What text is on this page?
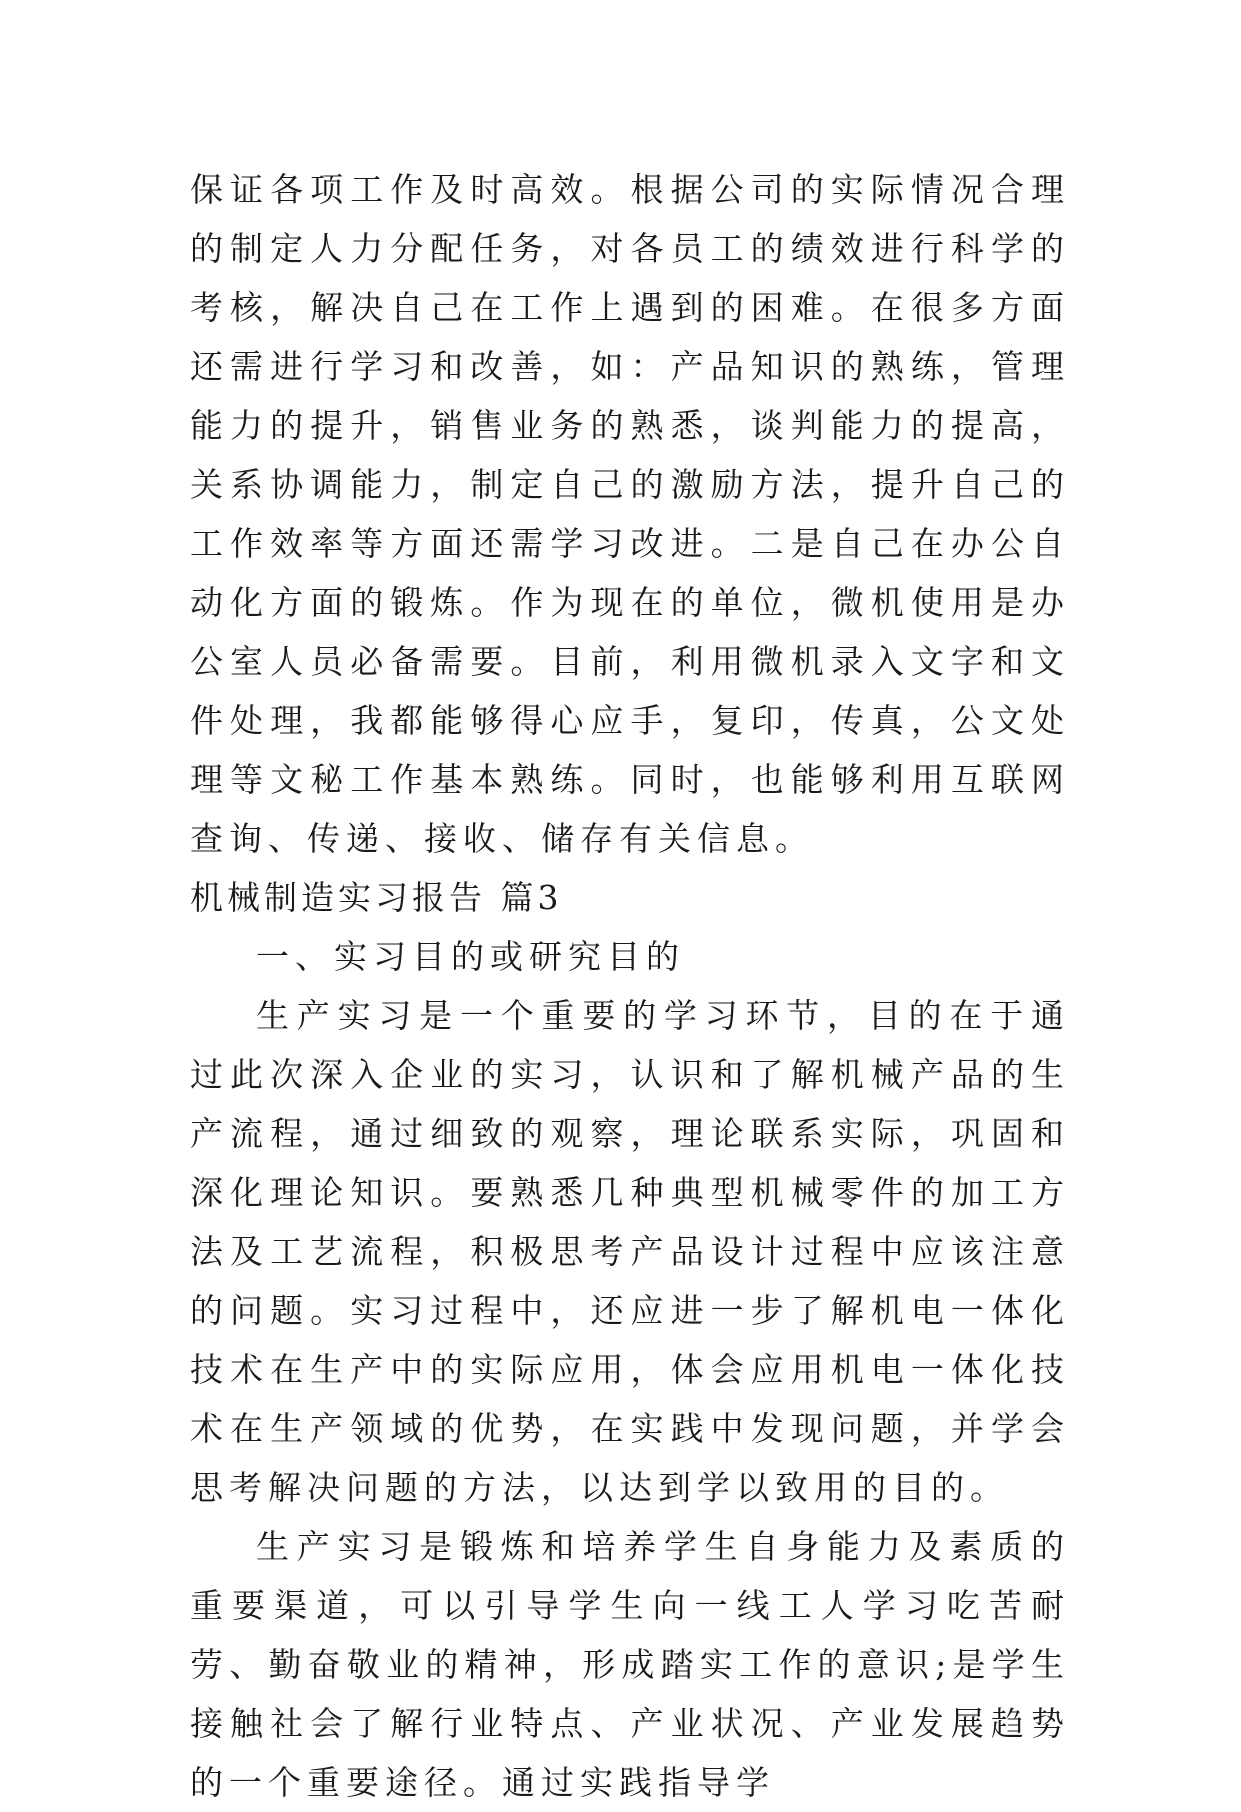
保证各项工作及时高效。根据公司的实际情况合理的制定人力分配任务，对各员工的绩效进行科学的考核，解决自己在工作上遇到的困难。在很多方面还需进行学习和改善，如：产品知识的熟练，管理能力的提升，销售业务的熟悉，谈判能力的提高，关系协调能力，制定自己的激励方法，提升自己的工作效率等方面还需学习改进。二是自己在办公自动化方面的锻炼。作为现在的单位，微机使用是办公室人员必备需要。目前，利用微机录入文字和文件处理，我都能够得心应手，复印，传真，公文处理等文秘工作基本熟练。同时，也能够利用互联网查询、传递、接收、储存有关信息。

机械制造实习报告 篇3

一、实习目的或研究目的

生产实习是一个重要的学习环节，目的在于通过此次深入企业的实习，认识和了解机械产品的生产流程，通过细致的观察，理论联系实际，巩固和深化理论知识。要熟悉几种典型机械零件的加工方法及工艺流程，积极思考产品设计过程中应该注意的问题。实习过程中，还应进一步了解机电一体化技术在生产中的实际应用，体会应用机电一体化技术在生产领域的优势，在实践中发现问题，并学会思考解决问题的方法，以达到学以致用的目的。

生产实习是锻炼和培养学生自身能力及素质的重要渠道，可以引导学生向一线工人学习吃苦耐劳、勤奋敬业的精神，形成踏实工作的意识;是学生接触社会了解行业特点、产业状况、产业发展趋势的一个重要途径。通过实践指导学
